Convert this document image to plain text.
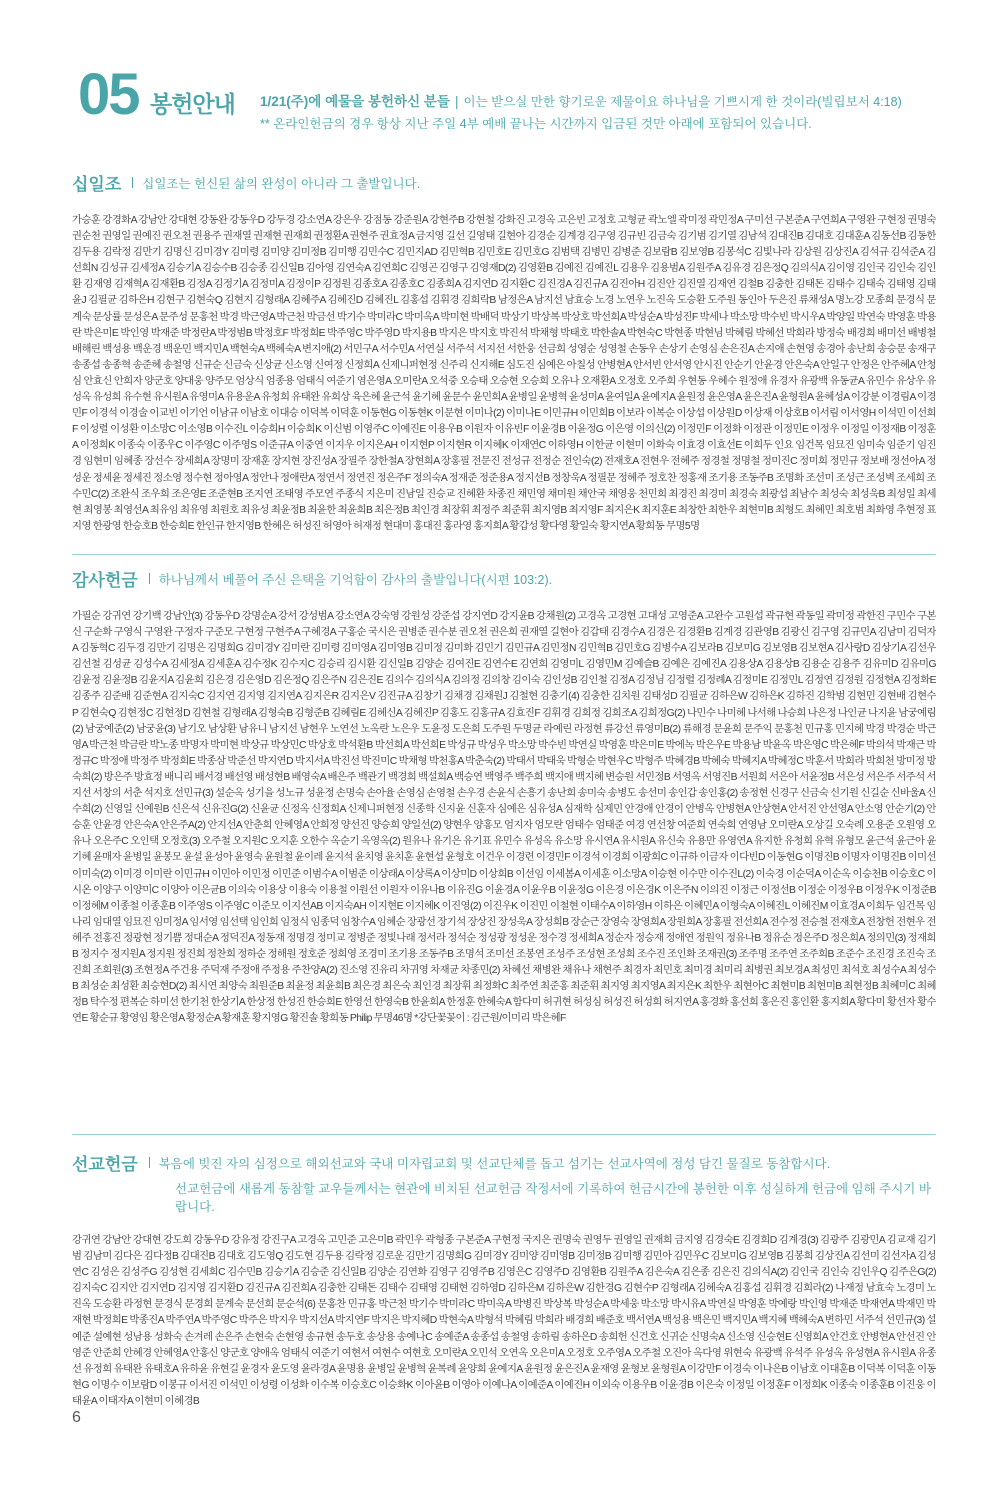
05 봉헌안내 1/21(주)에 예물을 봉헌하신 분들 | 이는 받으실 만한 향기로운 제물이요 하나님을 기쁘시게 한 것이라(빌립보서 4:18)
** 온라인헌금의 경우 항상 지난 주일 4부 예배 끝나는 시간까지 입금된 것만 아래에 포함되어 있습니다.
십일조 십일조는 헌신된 삶의 완성이 아니라 그 출발입니다.
가승훈 강경화A 강남안 강대현 강동완 강동우D 강두경 강소연A 강은우 강점동 강준원A 강현주B 강현철 강화진 고경옥 고은빈 고정호 고형균 곽노엘 곽미정 곽민정A 구미선 구본준A 구연희A 구영완 구현정 권명숙 권순천 권영일 권예진 권오천 권용주 권재열 권재현 권재희 권정환A 권현주 권효정A 금지영 길선 길영태 길현아 김경순 김계경 김구영 김규빈 김금숙 김기범 김기열 김남석 김대진B 김대호 김대훈A 김동선B 김동한 김두용 김락정 김만기 김명신 김미경Y 김미령 김미양 김미정B 김미행 김민수C 김민지AD 김민혁B 김민호E 김민호G 김범택 김병민 김병준 김보람B 김보영B 김봉석C 김빛나라 김상원 김상진A 김석규 김석준A 김선희N 김성규 김세정A 김승기A 김승수B 김승종 김신일B 김아영 김연숙A 김연희C 김영곤 김영구 김영재D(2) 김영환B 김예진 김예진L 김용우 김용범A 김원주A 김유경 김은정Q 김의식A 김이영 김인국 김인숙 김인환 김재영 김재혁A 김재환B 김정A 김정기A 김정미A 김정이P 김정원 김종호A 김종호C 김종희A 김지연D 김지환C 김진경A 김진규A 김진아H 김진안 김진열 김재연 김철B 김충한 김태돈 김태수 김태숙 김태영 김태윤J 김필균 김하은H 김현구 김현숙Q 김현지 김형래A 김혜주A 김혜진D 김혜진L 김홍섭 김휘경 김희락B 남정은A 남지선 남효승 노경 노연우 노진옥 도승환 도주원 동인아 두은진 류채성A 명노강 모종희 문경식 문계숙 문상률 문성은A 문주성 문홍천 박경 박근영A 박근천 박금선 박기수 박미라C 박미옥A 박미현 박배덕 박상기 박상복 박상호 박선희A 박성순A 박성진F 박세나 박소망 박수빈 박시우A 박양일 박연숙 박영훈 박용란 박은미E 박인영 박재준 박정란A 박정범B 박정호F 박정희E 박주영C 박주영D 박지용B 박지은 박지호 박진석 박채형 박태호 박한솔A 박현숙C 박현종 박현님 박혜림 박혜선 박희라 방정숙 배경희 배미선 배병철 배해린 백성용 백운경 백운민 백지민A 백현숙A 백혜숙A 변지애(2) 서민구A 서수민A 서연실 서주석 서지선 서한웅 선금희 성영순 성영철 손동우 손상기 손영심 손은진A 손지애 손현영 송경아 송난희 송승문 송재구 송종섭 송종혁 송준혜 송철영 신규순 신금숙 신상균 신소영 신여정 신정희A 신제니퍼현정 신주리 신지해E 심도진 심예은 아칠성 안병현A 안서빈 안서영 안시진 안순기 안윤경 안은숙A 안일구 안정은 안주혜A 안청심 안효신 안희자 양군호 양대웅 양주모 엄상식 엄종용 엄태식 여준기 염은영A 오미란A 오석중 오승태 오승현 오승희 오유나 오재환A 오정호 오주희 우현동 우혜수 원정애 유경자 유광백 유동균A 유민수 유상우 유성옥 유성희 유수현 유시원A 유영미A 유용운A 유청희 유태완 유희상 육은혜 윤근석 윤기혜 윤문수 윤민희A 윤병일 윤병혁 윤성미A 윤여일A 윤예지A 윤원정 윤은영A 윤은진A 윤형원A 윤혜성A 이강분 이경림A 이경민F 이경석 이경술 이교빈 이기언 이남규 이남호 이대승 이덕복 이덕훈 이동현G 이동현K 이문현 이미나(2) 이미나E 이민규H 이민희B 이보라 이복순 이상섭 이상원D 이상재 이상호B 이서림 이서영H 이석민 이선희F 이성렬 이성환 이소망C 이소영B 이수진L 이승희H 이승희K 이신범 이영주C 이예진E 이용우B 이원자 이유빈F 이윤경B 이윤정G 이은영 이의신(2) 이정민F 이정화 이정관 이정민E 이정우 이정일 이정재B 이정훈A 이정희K 이종숙 이종우C 이주영C 이주영S 이준규A 이중연 이지우 이지은AH 이지현P 이지현R 이지혜K 이재연C 이하영H 이한균 이현미 이화숙 이효경 이효선E 이희두 인요 임건목 임묘진 임미숙 임준기 임진경 임현미 임혜종 장선수 장세희A 장명미 장재훈 장지현 장진성A 장필주 장한철A 장현희A 장홍필 전문진 전성규 전정순 전인숙(2) 전재호A 전현우 전혜주 정경철 정명철 정미진C 정미희 정민규 정보배 정선아A 정성운 정세윤 정세진 정소영 정수현 정아영A 정안나 정애란A 정연서 정연진 정은주F 정의숙A 정재준 정준용A 정지선B 정창욱A 정필문 정혜주 정호찬 정홍재 조기용 조동주B 조명화 조선미 조성근 조성벽 조세희 조수민C(2) 조완식 조우희 조은영E 조준현B 조지연 조태영 주모연 주종식 지은미 진남일 진승교 진혜환 차종진 채민영 채미원 채안국 채영웅 천민희 최경진 최경미 최경숙 최광섭 최남수 최성숙 최성욱B 최성일 최세현 최영봉 최영선A 최유임 최유영 최원호 최유성 최윤정B 최윤한 최윤희B 최은정B 최인경 최장휘 최정주 최준휘 최지영B 최지영F 최지은K 최지훈E 최창한 최한우 최현미B 최형도 최혜민 최호범 최화영 추현정 표지영 한광영 한승호B 한승희E 한인규 한지영B 한혜은 허성진 허영아 허재정 현대미 홍대진 홍라영 홍지희A 황갑성 황다영 황일숙 황지연A 황희동 무명5명
감사헌금 하나님께서 베풀어 주신 은택을 기억함이 감사의 출발입니다(시편 103:2).
가필순 강귀연 강기백 강남안(3) 강동우D 강명순A 강서 강성범A 강소연A 강숙영 강원성 강준섭 강지연D 강지윤B 강채원(2) 고경옥 고경현 고대성 고영준A 고완수 고원섭 곽규현 곽동일 곽미정 곽한진 구민수 구본신 구순화 구영식 구영완 구정자 구준모 구현정 구현주A 구혜경A 구홍순 국시은 권병준 권수분 권오천 권은희 권재열 길현아 김갑태 김경수A 김경은 김경환B 김계경 김관영B 김광신 김구영 김규민A 김남미 김덕자A 김동혁C 김두경 김만기 김명은 김명희G 김미경Y 김미란 김미령 김미영A 김미영B 김미정 김미화 김민기 김민규A 김민정N 김민혁B 김민호G 김병수A 김보라B 김보미G 김보영B 김보현A 김사랑D 김상기A 김선우 김선철 김성균 김성수A 김세정A 김세훈A 김수정K 김수지C 김승리 김시환 김신일B 김양순 김여진E 김연수E 김연희 김영미L 김영민M 김예슬B 김예은 김예진A 김용상A 김용상B 김용순 김용주 김유미D 김유미G 김윤정 김윤정B 김윤지A 김윤희 김은경 김은영D 김은정Q 김은주N 김은진E 김의수 김의식A 김의정 김의창 김이숙 김인성B 김인철 김정A 김정님 김정렬 김정례A 김정미E 김정민L 김정연 김정원 김정현A 김정화E 김종주 김준배 김준현A 김지숙C 김지연 김지영 김지연A 김지은R 김지은V 김진규A 김창기 김채경 김채원J 김철현 김충기(4) 김충한 김치원 김태성D 김필균 김하은W 김하은K 김하진 김학범 김현민 김현배 김현수P 김현숙Q 김현정C 김현정D 김현철 김형래A 김형숙B 김형준B 김혜림E 김혜신A 김혜진P 김홍도 김홍규A 김효진F 김휘경 김희정 김희조A 김희정G(2) 나민수 나미혜 나서해 나승희 나은정 나인균 나지윤 남궁예림(2) 남궁예준(2) 남궁윤(3) 남기오 남상환 남유니 남지선 남현우 노연선 노옥란 노은우 도윤정 도은희 도주원 두명균 라예린 라정현 류강선 류영미B(2) 류해경 문윤희 문주익 문홍천 민규홍 민지혜 박경 박경순 박근영A 박근천 박금란 박노종 박명자 박미현 박상규 박상민C 박상호 박석환B 박선희A 박선희E 박성규 박성우 박소망 박수빈 박연실 박영훈 박은미E 박에녹 박은우E 박용남 박윤옥 박은영C 박은혜F 박의석 박재근 박정규C 박정애 박정주 박정희E 박종삼 박준선 박지연D 박지서A 박진선 박진미C 박채형 박천홍A 박춘숙(2) 박태서 박태욱 박형순 박현우C 박형주 박혜경B 박혜숙 박혜지A 박혜정C 박훈서 박희라 박희천 방미정 방숙희(2) 방은주 방효정 배니리 배서경 배선영 배성현B 배영숙A 배은주 백관기 백경희 백설희A 백승연 백영주 백주희 백지애 백지혜 변승원 서민정B 서영옥 서영진B 서원희 서은아 서윤정B 서은성 서은주 서주석 서지선 서창의 서춘 석지호 선민규(3) 설순옥 성기을 성노규 성윤정 손명숙 손아율 손영심 손영철 손우경 손윤식 손흥기 송난희 송미숙 송병도 송선미 송인갑 송인홍(2) 송정현 신경구 신금숙 신기원 신길순 신바울A 신수희(2) 신영일 신예원B 신은석 신유진G(2) 신윤균 신정옥 신정희A 신제니퍼현정 신종학 신지윤 신훈자 심예은 심유성A 심재학 심제민 안경애 안경이 안병옥 안병현A 안상현A 안서진 안선영A 안소영 안순기(2) 안승훈 안윤경 안은숙A 안은주A(2) 안지선A 안춘희 안혜영A 안희정 양선진 양승희 양일선(2) 양현우 양홍모 엄지자 엄모란 엄태수 엄태준 여경 연선창 여준희 연숙희 연영남 오미란A 오상길 오숙례 오용준 오원영 오유나 오은주C 오인택 오정호(3) 오주철 오지원C 오지훈 오한수 옥순기 옥영옥(2) 원유나 유기은 유기표 유민수 유성옥 유소망 유시연A 유시원A 유신숙 유용만 유영연A 유지한 유청희 유혁 유형모 윤근석 윤근아 윤기혜 윤매자 윤병일 윤봉모 윤설 윤성아 윤영숙 윤원철 윤이레 윤지석 윤치영 윤치훈 윤현섭 윤형호 이건우 이경련 이경민F 이경석 이경희 이광희C 이규하 이금자 이다빈D 이동현G 이명진B 이명자 이명진B 이미선 이미숙(2) 이미경 이미란 이민규H 이민아 이민정 이민준 이범수A 이범준 이상래A 이상록A 이상미D 이상희B 이선임 이세봄A 이세훈 이소망A 이승현 이수만 이수진L(2) 이숙경 이순덕A 이순옥 이승천B 이승호C 이시온 이양구 이양미C 이양아 이은균B 이의숙 이용상 이용숙 이용철 이원선 이원자 이유나B 이유진G 이윤경A 이윤우B 이윤정G 이은경 이은경K 이은주N 이의진 이정근 이정선B 이정순 이정우B 이정우K 이정준B 이정혜M 이종철 이종훈B 이주영S 이주영C 이준모 이지선AB 이지숙AH 이지현E 이지혜K 이진영(2) 이진우K 이진민 이철현 이태수A 이하영H 이하은 이혜민A 이형숙A 이혜진L 이혜진M 이효경A 이희두 임건목 임나리 임대열 임묘진 임미정A 임서영 임선택 임인희 임정식 임종덕 임창수A 임혜순 장광선 장기석 장상진 장성욱A 장성희B 장순근 장영숙 장영희A 장원희A 장홍필 전선희A 전수정 전승철 전재호A 전창헌 전현우 전혜주 전홍진 정광현 정기쁨 정대순A 정덕진A 정동재 정명경 정미교 정병준 정빛나래 정서라 정석순 정성광 정성운 정수경 정세희A 정순자 정승재 정애연 정원익 정유나B 정유순 정은주D 정은희A 정의민(3) 정재희B 정지수 정지원A 정지원 정진희 정찬희 정하순 정해원 정호준 정희영 조경미 조기용 조동주B 조명석 조미선 조봉연 조성주 조성현 조성희 조수진 조인화 조재권(3) 조주명 조주연 조주희B 조준수 조진경 조진숙 조진희 조희원(3) 조현정A 주건용 주덕재 주정애 주정용 주찬양A(2) 진소영 진유리 차귀영 차재균 차종민(2) 차혜선 채병완 채유나 채현주 최경자 최민호 최미경 최미리 최병권 최보경A 최성민 최석호 최성수A 최성수B 최성순 최성환 최승현D(2) 최시연 최양숙 최원준B 최윤정 최윤희B 최은경 최은숙 최인경 최장휘 최정화C 최주연 최준홍 최준휘 최지영 최지영A 최지은K 최한우 최현아C 최현미B 최현미B 최현정B 최혜미C 최혜정B 탁수정 편복순 하미선 한기천 한상기A 한상정 한성진 한승희E 한영선 한영숙B 한윤희A 한정훈 한혜숙A 함다미 허귀현 허성심 허성진 허성희 허지연A 홍경화 홍선희 홍은진 홍인환 홍지희A 황다미 황선자 황수연E 황순규 황영임 황은영A 황정순A 황재훈 황지영G 황진솔 황희동 Philip 무명46명 *강단꽃꽂이 : 김근원/이미리 박은혜F
선교헌금 복음에 빚진 자의 심정으로 해외선교와 국내 미자립교회 및 선교단체를 돕고 섬기는 선교사역에 정성 담긴 물질로 동참합시다.
선교헌금에 새롭게 동참할 교우들께서는 현관에 비치된 선교헌금 작정서에 기록하여 헌금시간에 봉헌한 이후 성실하게 헌금에 임해 주시기 바랍니다.
강귀연 강남안 강대현 강도희 강동우D 강유정 강진구A 고경옥 고민준 고은미B 곽민우 곽형종 구본준A 구현정 국지은 권명숙 권영두 권영일 권재희 금지영 김경숙E 김경희D 김계경(3) 김광주 김광민A 김교재 김기범 김남미 김다은 김다정B 김대진B 김대호 김도영Q 김도현 김두용 김락정 김로운 김만기 김명희G 김미경Y 김미양 김미영B 김미정B 김미행 김민아 김민우C 김보미G 김보영B 김봉희 김상진A 김선미 김선자A 김성연C 김성은 김성주G 김성현 김세희C 김수민B 김승기A 김승준 김신일B 김양순 김연화 김영구 김영주B 김영은C 김영주D 김영환B 김원주A 김은숙A 김은종 김은진 김의식A(2) 김인국 김인숙 김인우Q 김주은G(2) 김지숙C 김지안 김지연D 김지영 김지환D 김진규A 김진희A 김충한 김태돈 김태수 김태영 김태현 김하영D 김하은M 김하은W 김한경G 김현수P 김형래A 김혜숙A 김홍섭 김휘경 김희라(2) 나재정 남효숙 노경미 노진옥 도승환 라정현 문경식 문경희 문계숙 문선희 문순석(6) 문홍찬 민규홍 박근천 박기수 박미라C 박미옥A 박병진 박상복 박성순A 박세웅 박소망 박시유A 박연실 박영훈 박예랑 박인영 박재준 박재연A 박재민 박재현 박정희E 박종진A 박주연A 박주영C 박주은 박지우 박지선A 박지연F 박지은 박지혜D 박현숙A 박형석 박혜림 박희라 배경희 배준호 백서연A 백성용 백은민 백지민A 백지혜 백혜숙A 변하민 서주석 선민규(3) 설예준 설예현 성남용 성화숙 손겨레 손은주 손현숙 손현영 송규현 송두호 송상용 송예나C 송예준A 송종섭 송철영 송하림 송하은D 송희헌 신건호 신귀순 신명숙A 신소영 신승현E 신영희A 안건호 안병현A 안선진 안영준 안준희 안혜경 안혜영A 안홍신 양군호 양애옥 엄태식 여준기 여현서 여현수 여현호 오미란A 오민석 오연옥 오은미A 오정호 오주영A 오주철 오진아 옥다영 위현숙 유광백 유석주 유성옥 유성현A 유시원A 유종선 유정희 유태완 유태호A 유하윤 유현길 윤경자 윤도영 윤라경A 윤명용 윤병일 윤병혁 윤복례 윤양희 윤예지A 윤원정 윤은진A 윤재영 윤형보 윤형원A 이강만F 이경숙 이나은B 이남호 이대훈B 이덕복 이덕훈 이동현G 이명수 이보람D 이봉규 이서진 이석민 이성령 이성화 이수복 이승호C 이승화K 이아윤B 이영아 이예나A 이예준A 이예진H 이외숙 이용우B 이윤경B 이은숙 이정일 이정훈F 이정희K 이종숙 이종훈B 이진웅 이태윤A 이태자A 이현미 이혜경B
6
